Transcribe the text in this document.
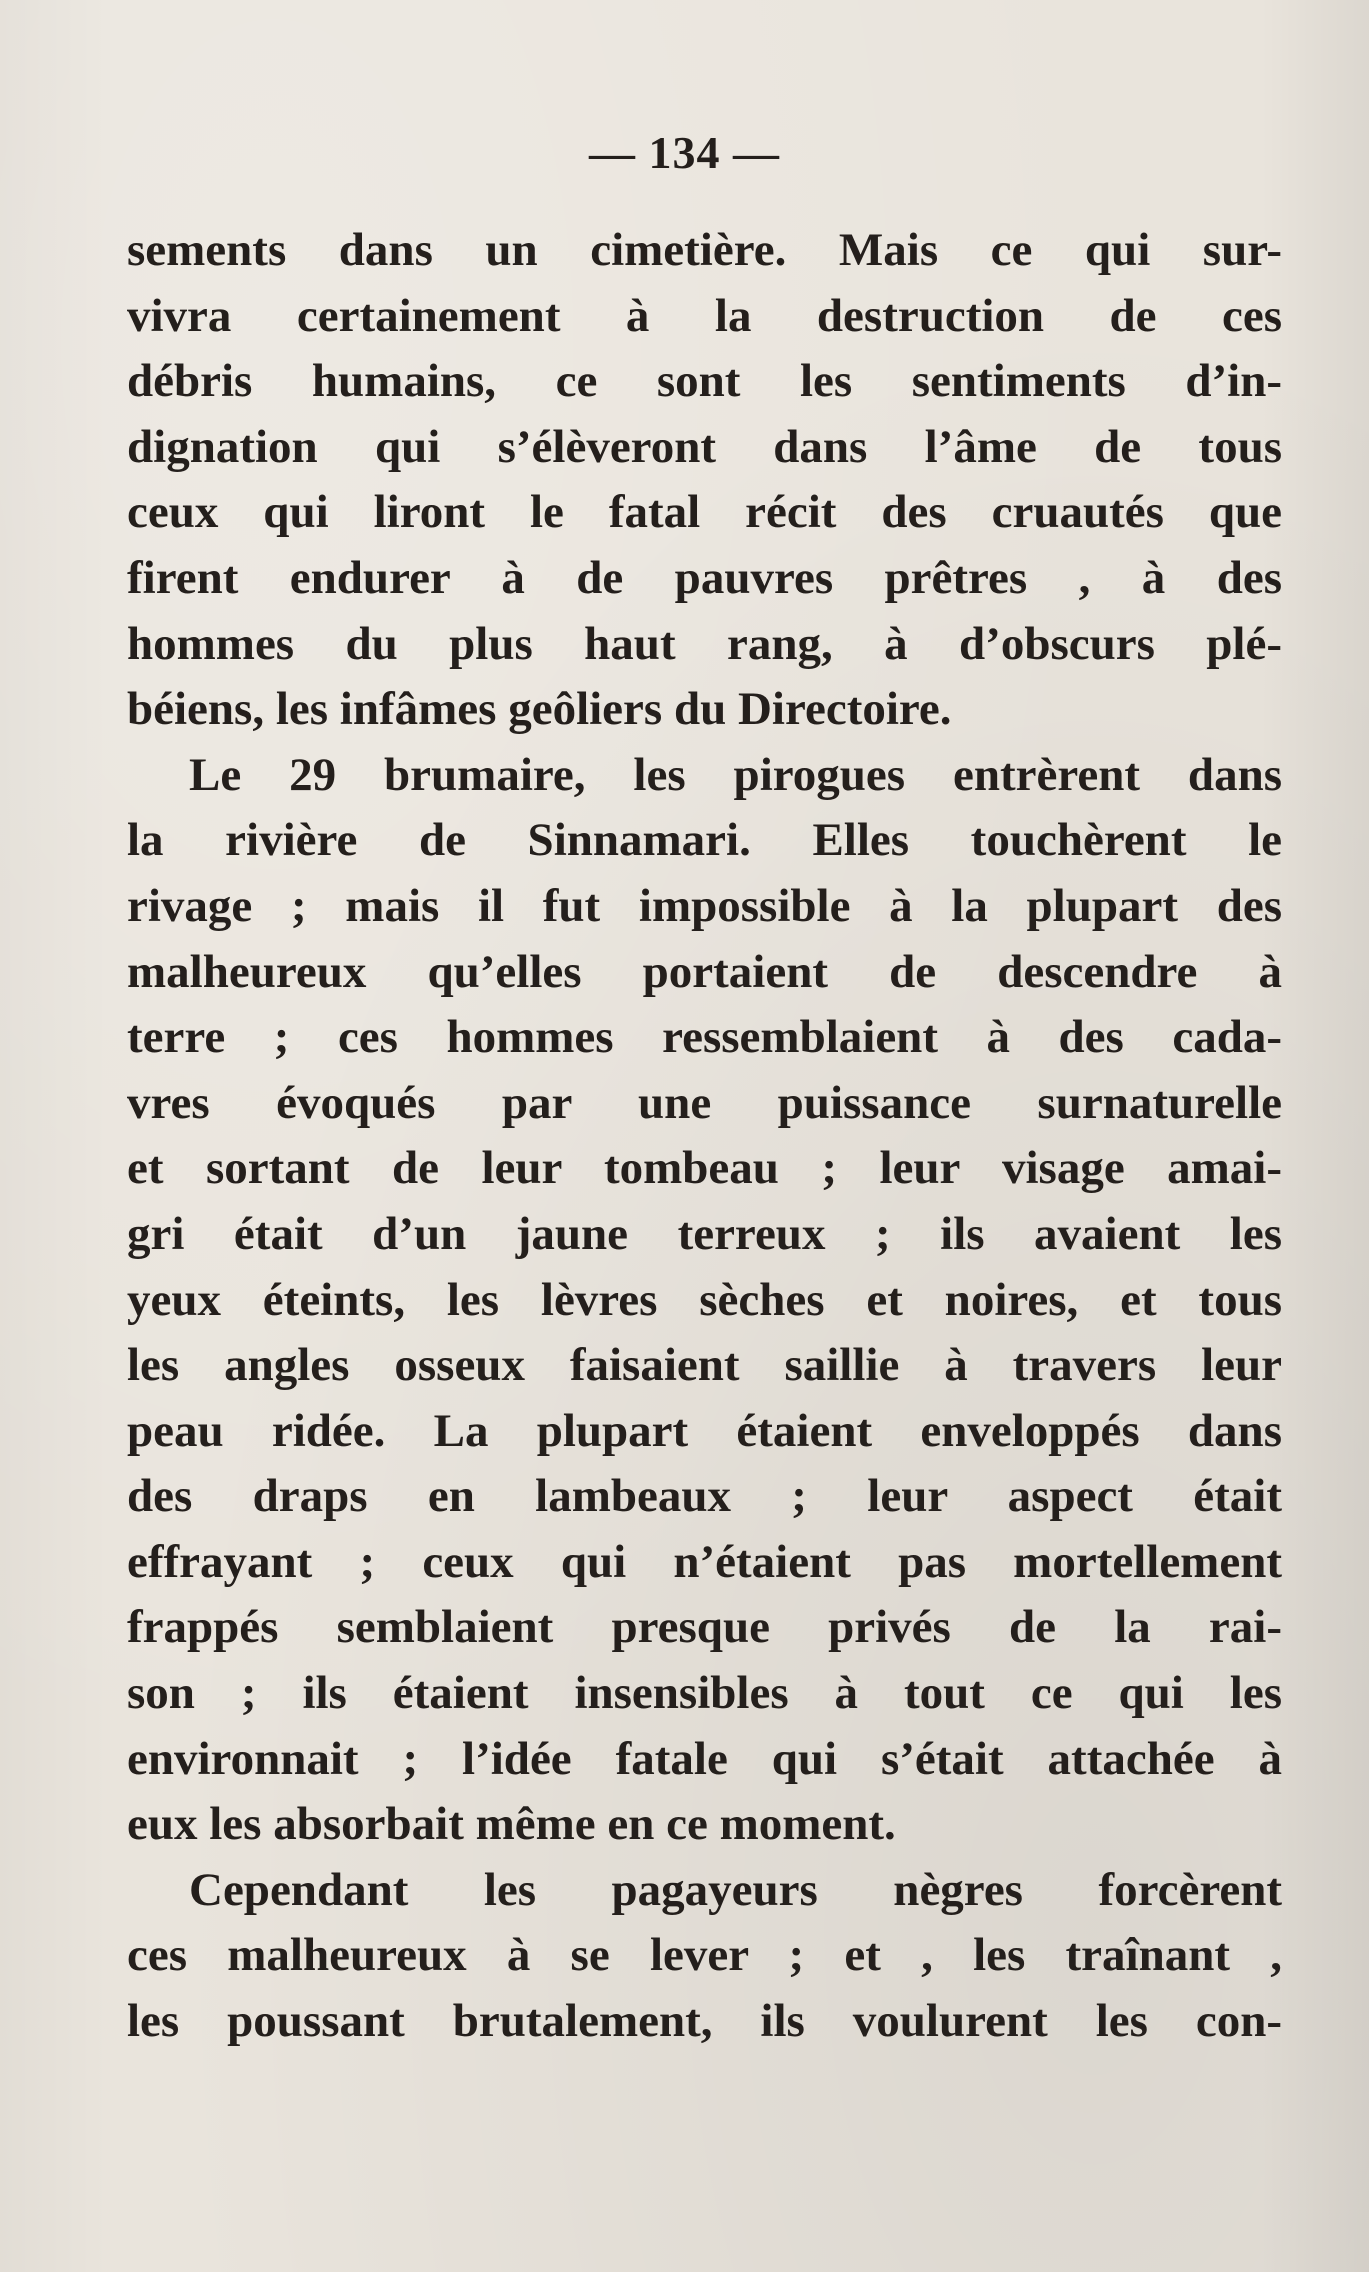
— 134 —
sements dans un cimetière. Mais ce qui sur-
vivra certainement à la destruction de ces
débris humains, ce sont les sentiments d’in-
dignation qui s’élèveront dans l’âme de tous
ceux qui liront le fatal récit des cruautés que
firent endurer à de pauvres prêtres , à des
hommes du plus haut rang, à d’obscurs plé-
béiens, les infâmes geôliers du Directoire.
Le 29 brumaire, les pirogues entrèrent dans
la rivière de Sinnamari. Elles touchèrent le
rivage ; mais il fut impossible à la plupart des
malheureux qu’elles portaient de descendre à
terre ; ces hommes ressemblaient à des cada-
vres évoqués par une puissance surnaturelle
et sortant de leur tombeau ; leur visage amai-
gri était d’un jaune terreux ; ils avaient les
yeux éteints, les lèvres sèches et noires, et tous
les angles osseux faisaient saillie à travers leur
peau ridée. La plupart étaient enveloppés dans
des draps en lambeaux ; leur aspect était
effrayant ; ceux qui n’étaient pas mortellement
frappés semblaient presque privés de la rai-
son ; ils étaient insensibles à tout ce qui les
environnait ; l’idée fatale qui s’était attachée à
eux les absorbait même en ce moment.
Cependant les pagayeurs nègres forcèrent
ces malheureux à se lever ; et , les traînant ,
les poussant brutalement, ils voulurent les con-
